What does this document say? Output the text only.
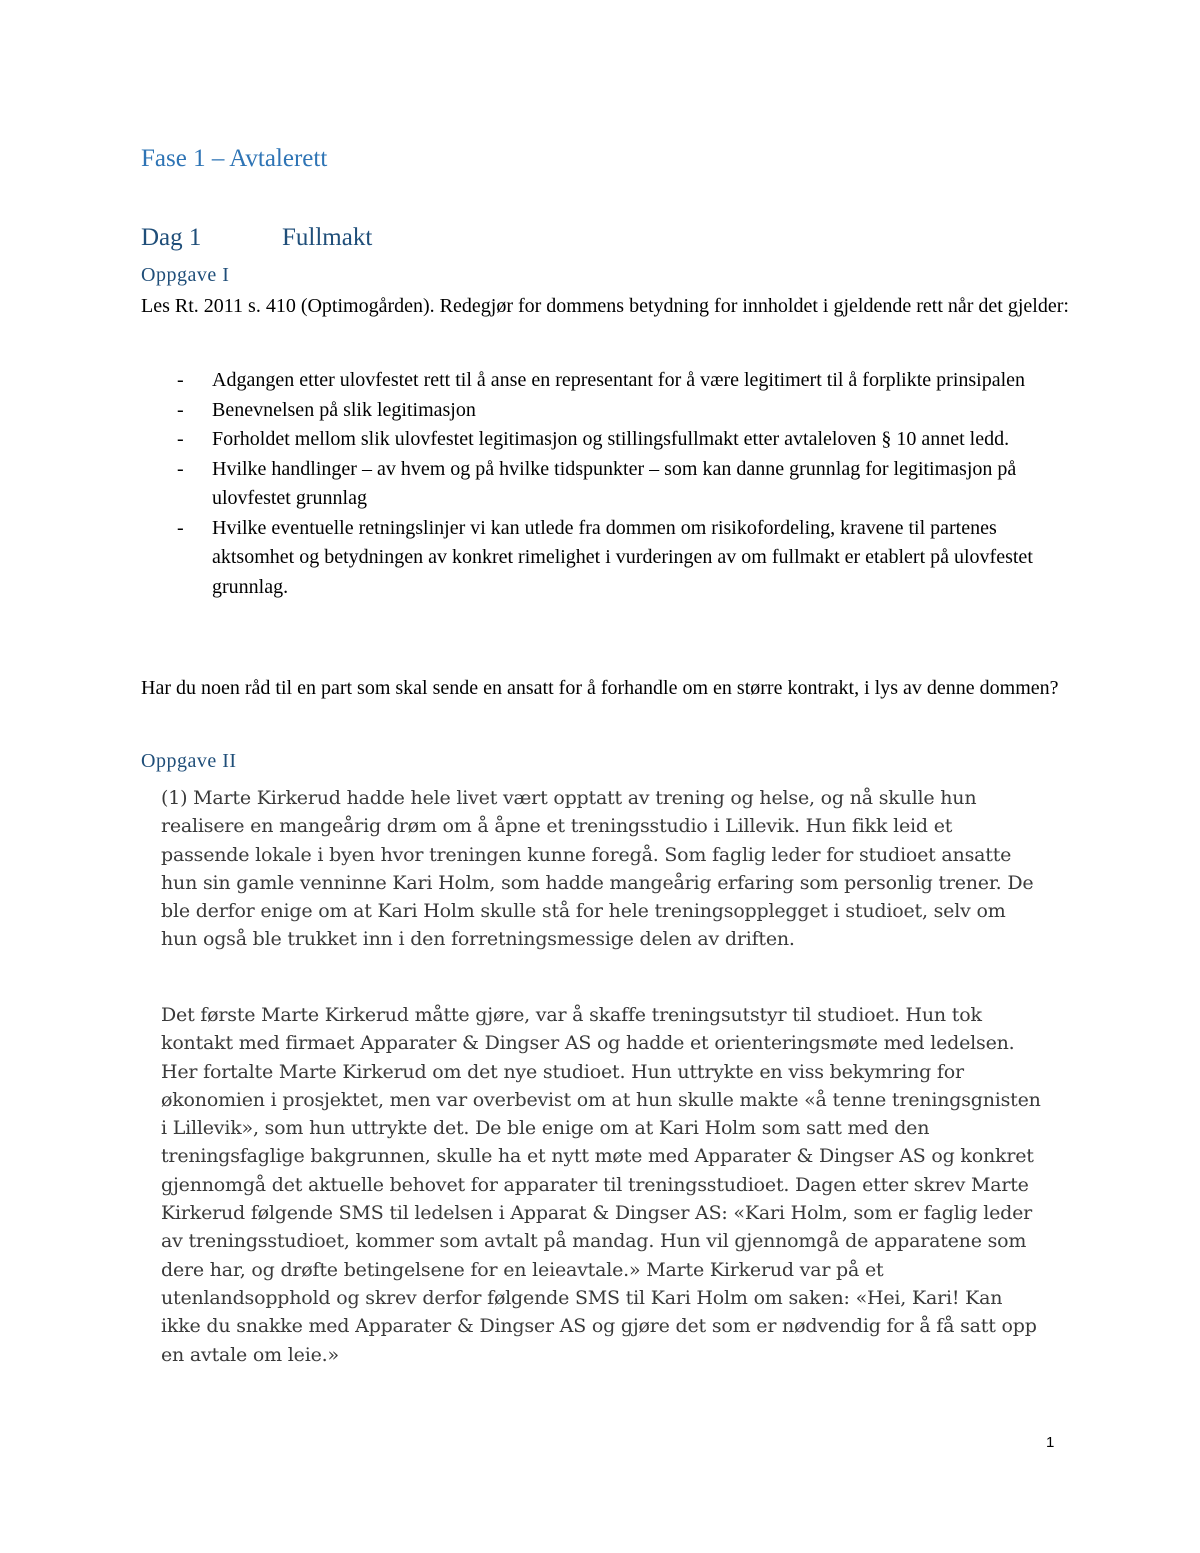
Fase 1 – Avtalerett
Dag 1	Fullmakt
Oppgave I

Les Rt. 2011 s. 410 (Optimogården). Redegjør for dommens betydning for innholdet i gjeldende rett når det gjelder:

- Adgangen etter ulovfestet rett til å anse en representant for å være legitimert til å forplikte prinsipalen
- Benevnelsen på slik legitimasjon
- Forholdet mellom slik ulovfestet legitimasjon og stillingsfullmakt etter avtaleloven § 10 annet ledd.
- Hvilke handlinger – av hvem og på hvilke tidspunkter – som kan danne grunnlag for legitimasjon på ulovfestet grunnlag
- Hvilke eventuelle retningslinjer vi kan utlede fra dommen om risikofordeling, kravene til partenes aktsomhet og betydningen av konkret rimelighet i vurderingen av om fullmakt er etablert på ulovfestet grunnlag.

Har du noen råd til en part som skal sende en ansatt for å forhandle om en større kontrakt, i lys av denne dommen?

Oppgave II

(1) Marte Kirkerud hadde hele livet vært opptatt av trening og helse, og nå skulle hun realisere en mangeårig drøm om å åpne et treningsstudio i Lillevik. Hun fikk leid et passende lokale i byen hvor treningen kunne foregå. Som faglig leder for studioet ansatte hun sin gamle venninne Kari Holm, som hadde mangeårig erfaring som personlig trener. De ble derfor enige om at Kari Holm skulle stå for hele treningsopplegget i studioet, selv om hun også ble trukket inn i den forretningsmessige delen av driften.

Det første Marte Kirkerud måtte gjøre, var å skaffe treningsutstyr til studioet. Hun tok kontakt med firmaet Apparater & Dingser AS og hadde et orienteringsmøte med ledelsen. Her fortalte Marte Kirkerud om det nye studioet. Hun uttrykte en viss bekymring for økonomien i prosjektet, men var overbevist om at hun skulle makte «å tenne treningsgnisten i Lillevik», som hun uttrykte det. De ble enige om at Kari Holm som satt med den treningsfaglige bakgrunnen, skulle ha et nytt møte med Apparater & Dingser AS og konkret gjennomgå det aktuelle behovet for apparater til treningsstudioet. Dagen etter skrev Marte Kirkerud følgende SMS til ledelsen i Apparat & Dingser AS: «Kari Holm, som er faglig leder av treningsstudioet, kommer som avtalt på mandag. Hun vil gjennomgå de apparatene som dere har, og drøfte betingelsene for en leieavtale.» Marte Kirkerud var på et utenlandsopphold og skrev derfor følgende SMS til Kari Holm om saken: «Hei, Kari! Kan ikke du snakke med Apparater & Dingser AS og gjøre det som er nødvendig for å få satt opp en avtale om leie.»

1
